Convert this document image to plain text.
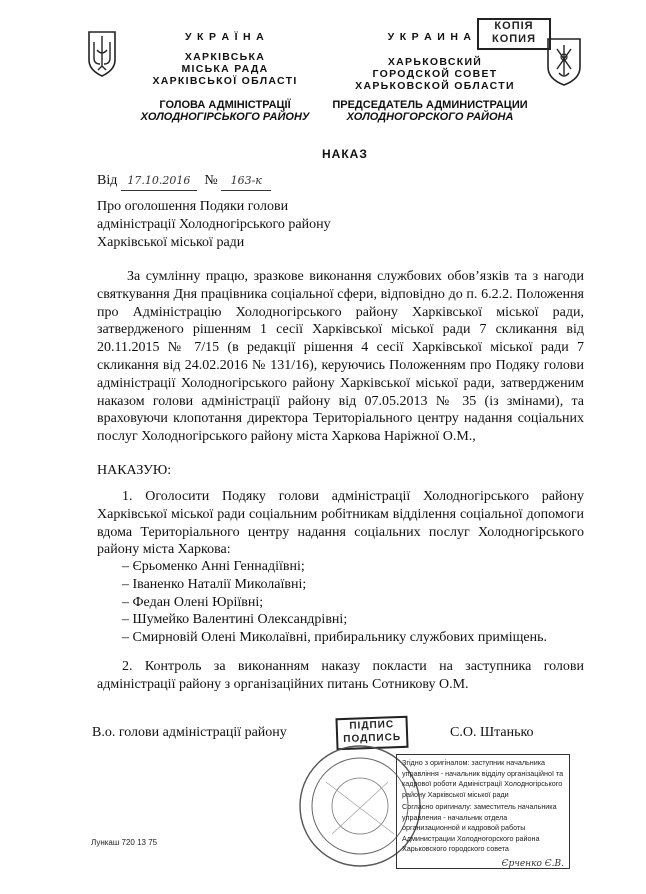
У К Р А Ї Н А
ХАРКІВСЬКА
МІСЬКА РАДА
ХАРКІВСЬКОЇ ОБЛАСТІ
ГОЛОВА АДМІНІСТРАЦІЇ
ХОЛОДНОГІРСЬКОГО РАЙОНУ
У К Р А И Н А
КОПІЯ
КОПИЯ
ХАРЬКОВСКИЙ
ГОРОДСКОЙ СОВЕТ
ХАРЬКОВСКОЙ ОБЛАСТИ
ПРЕДСЕДАТЕЛЬ АДМИНИСТРАЦИИ
ХОЛОДНОГОРСКОГО РАЙОНА
НАКАЗ
Від 17.10.2016 № 163-к
Про оголошення Подяки голови
адміністрації Холодногірського району
Харківської міської ради
За сумлінну працю, зразкове виконання службових обов’язків та з нагоди святкування Дня працівника соціальної сфери, відповідно до п. 6.2.2. Положення про Адміністрацію Холодногірського району Харківської міської ради, затвердженого рішенням 1 сесії Харківської міської ради 7 скликання від 20.11.2015 № 7/15 (в редакції рішення 4 сесії Харківської міської ради 7 скликання від 24.02.2016 № 131/16), керуючись Положенням про Подяку голови адміністрації Холодногірського району Харківської міської ради, затвердженим наказом голови адміністрації району від 07.05.2013 № 35 (із змінами), та враховуючи клопотання директора Територіального центру надання соціальних послуг Холодногірського району міста Харкова Наріжної О.М.,
НАКАЗУЮ:
1. Оголосити Подяку голови адміністрації Холодногірського району Харківської міської ради соціальним робітникам відділення соціальної допомоги вдома Територіального центру надання соціальних послуг Холодногірського району міста Харкова:
– Єрьоменко Анні Геннадіївні;
– Іваненко Наталії Миколаївні;
– Федан Олені Юріївні;
– Шумейко Валентині Олександрівні;
– Смирновій Олені Миколаївні, прибиральнику службових приміщень.
2. Контроль за виконанням наказу покласти на заступника голови адміністрації району з організаційних питань Сотникову О.М.
В.о. голови адміністрації району	ПІДПИС
ПОДПИСЬ	С.О. Штанько
Згідно з оригіналом: заступник начальника управління - начальник відділу організаційної та кадрової роботи Адміністрації Холодногірського району Харківської міської ради
Согласно оригиналу: заместитель начальника управления - начальник отдела организационной и кадровой работы Администрации Холодногорского района Харьковского городского совета
Єрченко Є.В.
Лункаш 720 13 75
